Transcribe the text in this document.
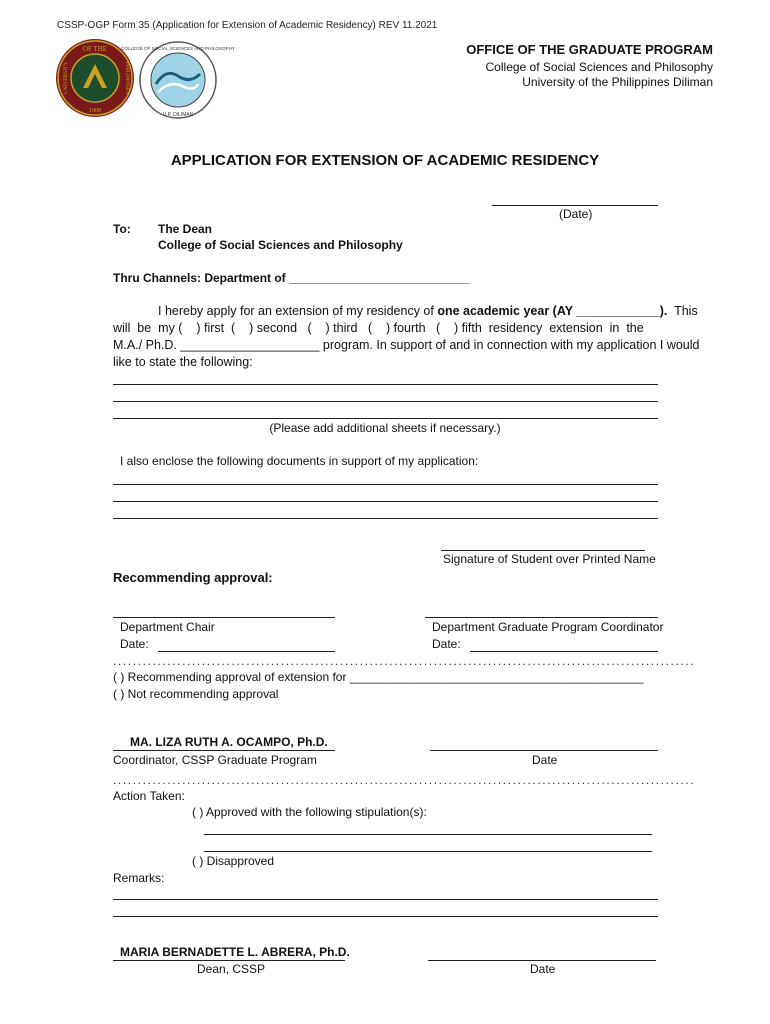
CSSP-OGP Form 35 (Application for Extension of Academic Residency) REV 11.2021
OF THE
1908
UNIVERSITY	PHILIPPINES
COLLEGE OF SOCIAL SCIENCES AND PHILOSOPHY
U.P. DILIMAN
OFFICE OF THE GRADUATE PROGRAM
College of Social Sciences and Philosophy
University of the Philippines Diliman
APPLICATION FOR EXTENSION OF ACADEMIC RESIDENCY
(Date)
To: The Dean
College of Social Sciences and Philosophy
Thru Channels: Department of ___________________________
I hereby apply for an extension of my residency of one academic year (AY ____________).  This
will  be  my (    ) first  (    ) second   (    ) third   (    ) fourth   (    ) fifth  residency  extension  in  the
M.A./ Ph.D. ____________________ program. In support of and in connection with my application I would
like to state the following:
(Please add additional sheets if necessary.)
I also enclose the following documents in support of my application:
Signature of Student over Printed Name
Recommending approval:
Department Chair
Date:
Department Graduate Program Coordinator
Date:
......................................................................................................................
( ) Recommending approval of extension for ____________________________________________
( ) Not recommending approval
MA. LIZA RUTH A. OCAMPO, Ph.D.
Coordinator, CSSP Graduate Program	Date
......................................................................................................................
Action Taken:
( ) Approved with the following stipulation(s):
( ) Disapproved
Remarks:
MARIA BERNADETTE L. ABRERA, Ph.D.
Dean, CSSP	Date
